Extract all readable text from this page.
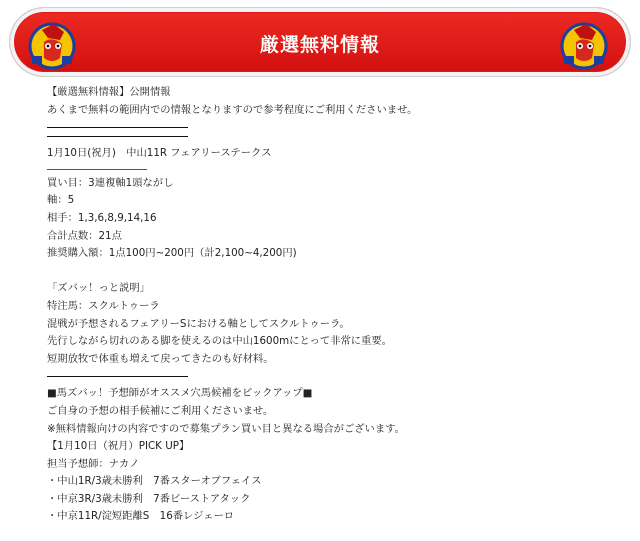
厳選無料情報
【厳選無料情報】公開情報
あくまで無料の範囲内での情報となりますので参考程度にご利用くださいませ。
1月10日(祝月)　中山11R フェアリーステークス
買い目：3連複軸1頭ながし
軸：5
相手：1,3,6,8,9,14,16
合計点数：21点
推奨購入額：1点100円~200円（計2,100~4,200円)
「ズバッ！っと説明」
特注馬：スクルトゥーラ
混戦が予想されるフェアリーSにおける軸としてスクルトゥーラ。
先行しながら切れのある脚を使えるのは中山1600mにとって非常に重要。
短期放牧で体重も増えて戻ってきたのも好材料。
■馬ズバッ！予想師がオススメ穴馬候補をピックアップ■
ご自身の予想の相手候補にご利用くださいませ。
※無料情報向けの内容ですので募集プラン買い目と異なる場合がございます。
【1月10日（祝月）PICK UP】
担当予想師：ナカノ
・中山1R/3歳未勝利　7番スターオブフェイス
・中京3R/3歳未勝利　7番ビーストアタック
・中京11R/淀短距離S　16番レジェーロ
